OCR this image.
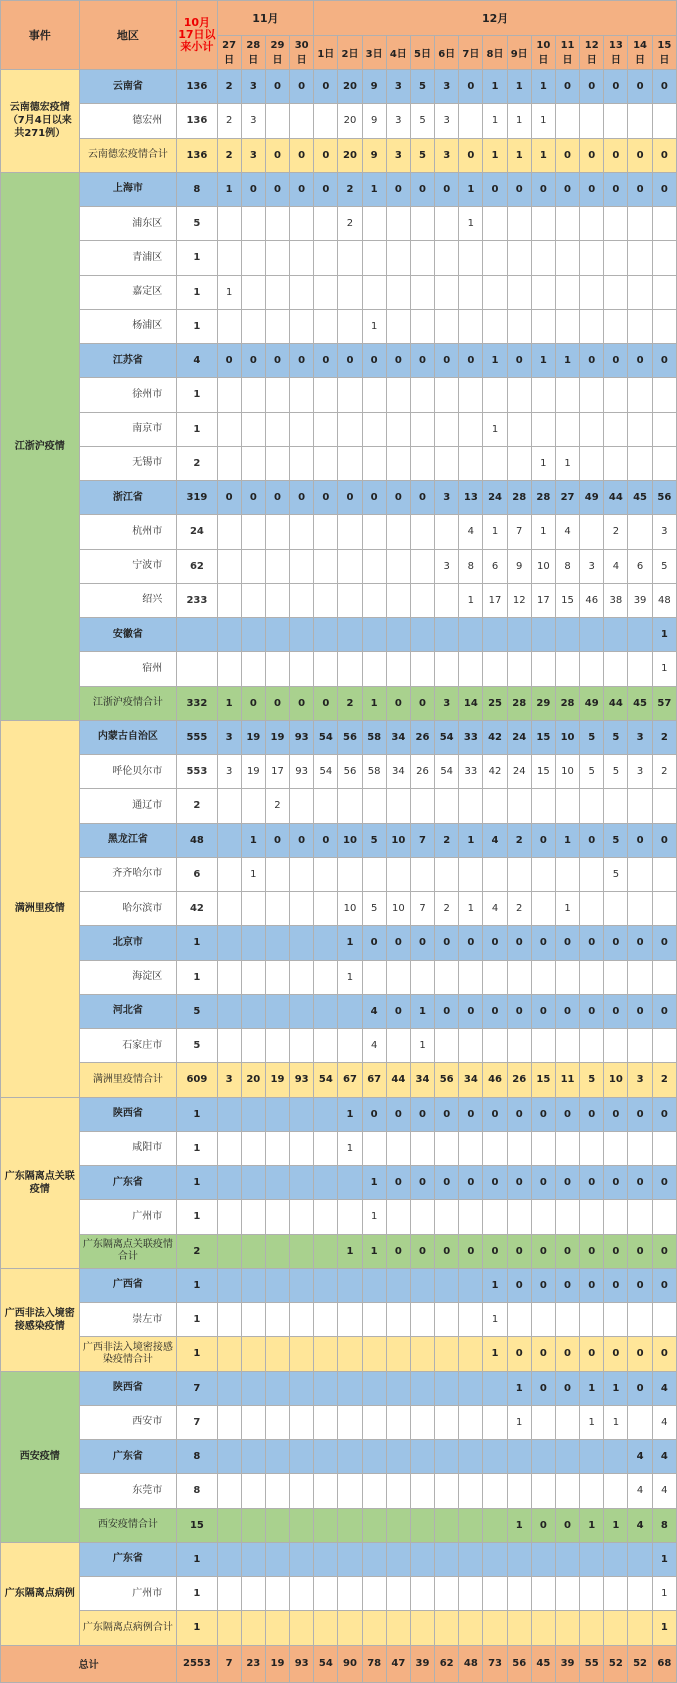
事件	地区	10月17日以来小计	11月				12月														
			27日	28日	29日	30日	1日	2日	3日	4日	5日	6日	7日	8日	9日	10日	11日	12日	13日	14日	15日
云南德宏疫情（7月4日以来共271例）	云南省	136	2	3	0	0	0	20	9	3	5	3	0	1	1	1	0	0	0	0	0
	德宏州	136	2	3				20	9	3	5	3		1	1	1					
	云南德宏疫情合计	136	2	3	0	0	0	20	9	3	5	3	0	1	1	1	0	0	0	0	0
江浙沪疫情	上海市	8	1	0	0	0	0	2	1	0	0	0	1	0	0	0	0	0	0	0	0
	浦东区	5						2					1								
	青浦区	1																			
	嘉定区	1	1																		
	杨浦区	1							1												
	江苏省	4	0	0	0	0	0	0	0	0	0	0	0	1	0	1	1	0	0	0	0
	徐州市	1																			
	南京市	1												1							
	无锡市	2														1	1				
	浙江省	319	0	0	0	0	0	0	0	0	0	3	13	24	28	28	27	49	44	45	56
	杭州市	24											4	1	7	1	4		2		3
	宁波市	62										3	8	6	9	10	8	3	4	6	5
	绍兴	233											1	17	12	17	15	46	38	39	48
	安徽省																				1
	宿州																				1
	江浙沪疫情合计	332	1	0	0	0	0	2	1	0	0	3	14	25	28	29	28	49	44	45	57
满洲里疫情	内蒙古自治区	555	3	19	19	93	54	56	58	34	26	54	33	42	24	15	10	5	5	3	2
	呼伦贝尔市	553	3	19	17	93	54	56	58	34	26	54	33	42	24	15	10	5	5	3	2
	通辽市	2			2																
	黑龙江省	48		1	0	0	0	10	5	10	7	2	1	4	2	0	1	0	5	0	0
	齐齐哈尔市	6		1															5		
	哈尔滨市	42						10	5	10	7	2	1	4	2		1				
	北京市	1						1	0	0	0	0	0	0	0	0	0	0	0	0	0
	海淀区	1						1													
	河北省	5							4	0	1	0	0	0	0	0	0	0	0	0	0
	石家庄市	5							4		1										
	满洲里疫情合计	609	3	20	19	93	54	67	67	44	34	56	34	46	26	15	11	5	10	3	2
广东隔离点关联疫情	陕西省	1						1	0	0	0	0	0	0	0	0	0	0	0	0	0
	咸阳市	1						1													
	广东省	1							1	0	0	0	0	0	0	0	0	0	0	0	0
	广州市	1							1												
	广东隔离点关联疫情合计	2						1	1	0	0	0	0	0	0	0	0	0	0	0	0
广西非法入境密接感染疫情	广西省	1												1	0	0	0	0	0	0	0
	崇左市	1												1							
	广西非法入境密接感染疫情合计	1												1	0	0	0	0	0	0	0
西安疫情	陕西省	7													1	0	0	1	1	0	4
	西安市	7													1			1	1		4
	广东省	8																		4	4
	东莞市	8																		4	4
	西安疫情合计	15													1	0	0	1	1	4	8
广东隔离点病例	广东省	1																			1
	广州市	1																			1
	广东隔离点病例合计	1																			1
总计		2553	7	23	19	93	54	90	78	47	39	62	48	73	56	45	39	55	52	52	68
